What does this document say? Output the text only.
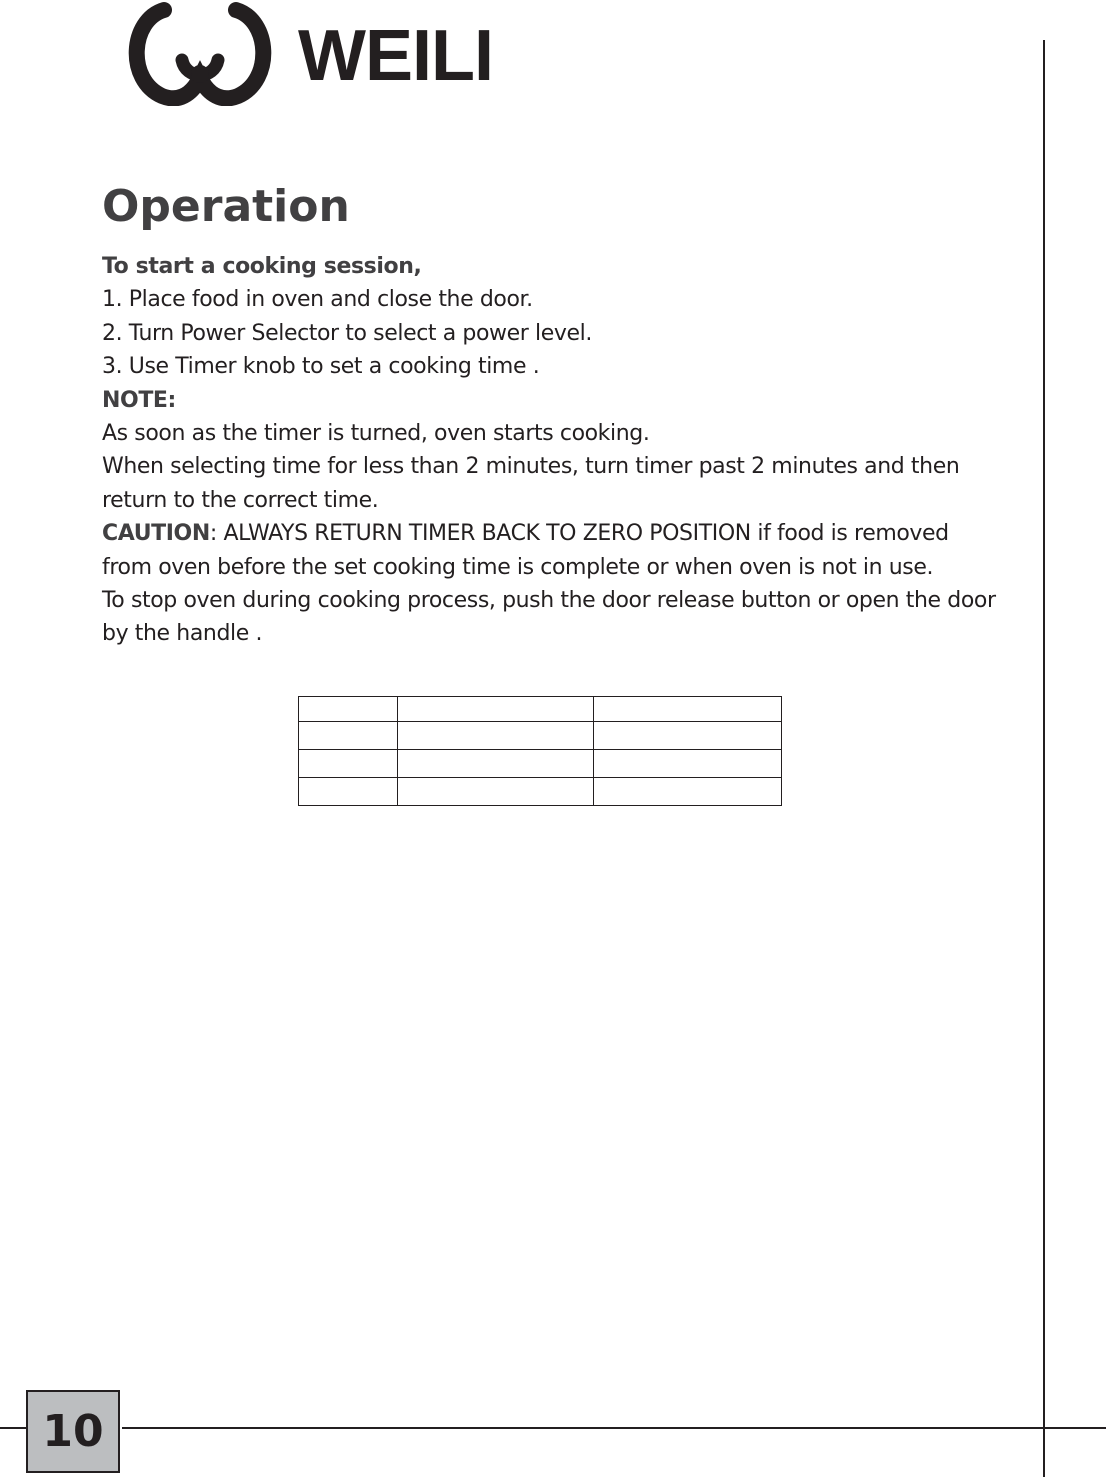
WEILI
10
Operation

To start a cooking session,

1. Place food in oven and close the door.

2. Turn Power Selector to select a power level.

3. Use Timer knob to set a cooking time .

NOTE:

As soon as the timer is turned, oven starts cooking.

When selecting time for less than 2 minutes, turn timer past 2 minutes and then return to the correct time.

CAUTION: ALWAYS RETURN TIMER BACK TO ZERO POSITION if food is removed from oven before the set cooking time is complete or when oven is not in use.

To stop oven during cooking process, push the door release button or open the door by the handle .
